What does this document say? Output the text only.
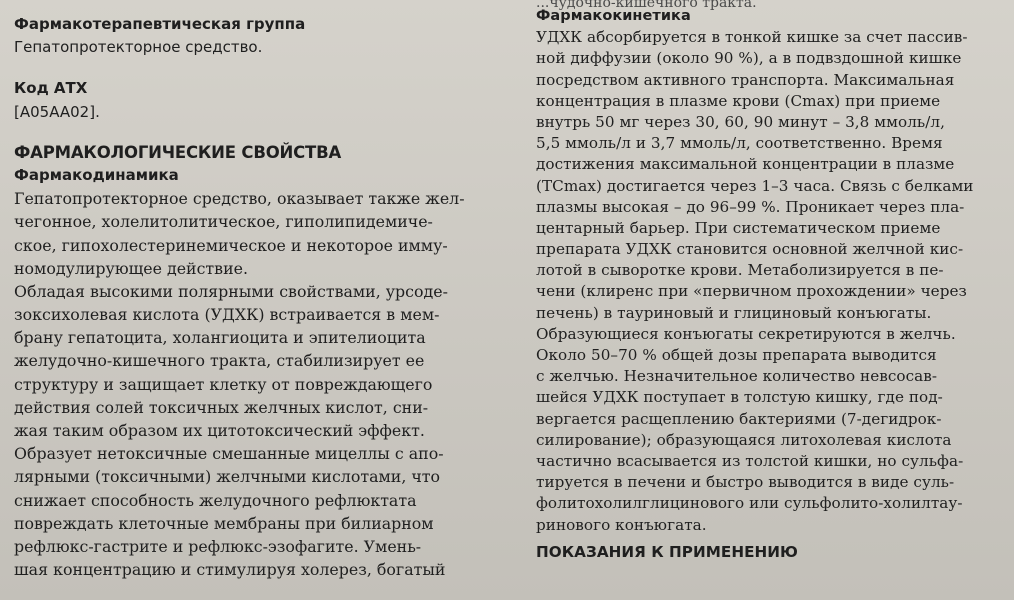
Фармакотерапевтическая группа
Гепатопротекторное средство.
Код АТХ
[A05AA02].
ФАРМАКОЛОГИЧЕСКИЕ СВОЙСТВА
Фармакодинамика
Гепатопротекторное средство, оказывает также жел-
чегонное, холелитолитическое, гиполипидемиче-
ское, гипохолестеринемическое и некоторое имму-
номодулирующее действие.
Обладая высокими полярными свойствами, урсоде-
зоксихолевая кислота (УДХК) встраивается в мем-
брану гепатоцита, холангиоцита и эпителиоцита
желудочно-кишечного тракта, стабилизирует ее
структуру и защищает клетку от повреждающего
действия солей токсичных желчных кислот, сни-
жая таким образом их цитотоксический эффект.
Образует нетоксичные смешанные мицеллы с апо-
лярными (токсичными) желчными кислотами, что
снижает способность желудочного рефлюктата
повреждать клеточные мембраны при билиарном
рефлюкс-гастрите и рефлюкс-эзофагите. Умень-
шая концентрацию и стимулируя холерез, богатый
...чудочно-кишечного тракта.
Фармакокинетика
УДХК абсорбируется в тонкой кишке за счет пассив-
ной диффузии (около 90 %), а в подвздошной кишке
посредством активного транспорта. Максимальная
концентрация в плазме крови (Cmax) при приеме
внутрь 50 мг через 30, 60, 90 минут – 3,8 ммоль/л,
5,5 ммоль/л и 3,7 ммоль/л, соответственно. Время
достижения максимальной концентрации в плазме
(TCmax) достигается через 1–3 часа. Связь с белками
плазмы высокая – до 96–99 %. Проникает через пла-
центарный барьер. При систематическом приеме
препарата УДХК становится основной желчной кис-
лотой в сыворотке крови. Метаболизируется в пе-
чени (клиренс при «первичном прохождении» через
печень) в тауриновый и глициновый конъюгаты.
Образующиеся конъюгаты секретируются в желчь.
Около 50–70 % общей дозы препарата выводится
с желчью. Незначительное количество невсосав-
шейся УДХК поступает в толстую кишку, где под-
вергается расщеплению бактериями (7-дегидрок-
силирование); образующаяся литохолевая кислота
частично всасывается из толстой кишки, но сульфа-
тируется в печени и быстро выводится в виде суль-
фолитохолилглицинового или сульфолито-холилтау-
ринового конъюгата.
ПОКАЗАНИЯ К ПРИМЕНЕНИЮ
